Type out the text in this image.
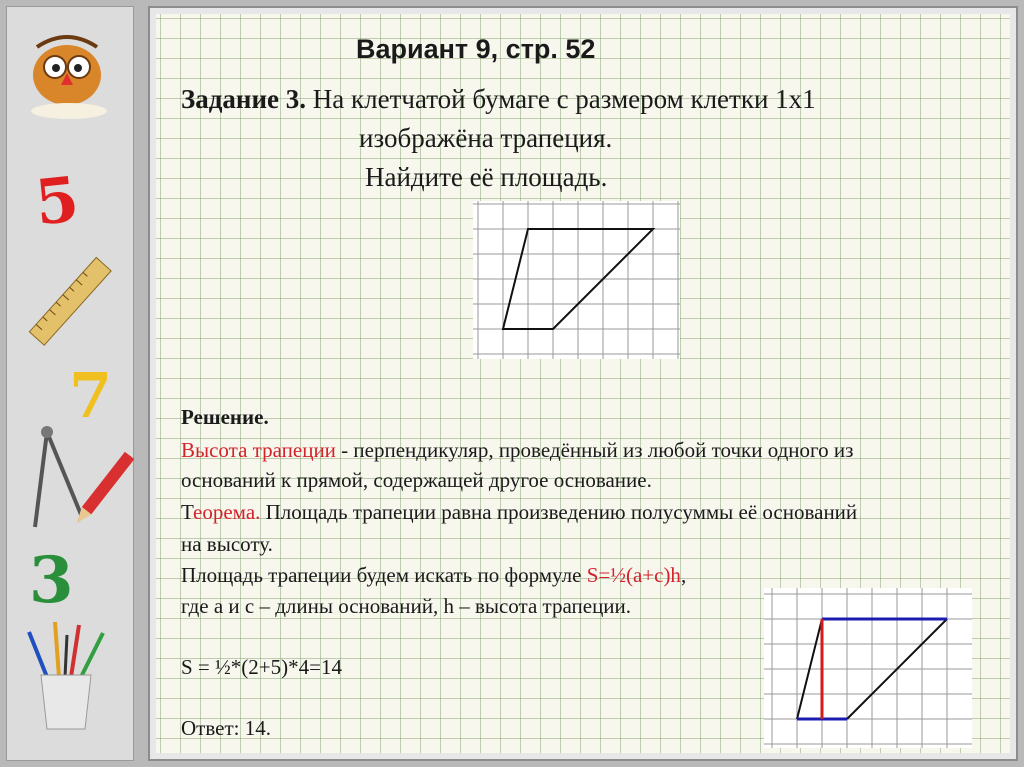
5
7
3
Вариант 9, стр. 52
Задание 3. На клетчатой бумаге с размером клетки 1х1
изображёна трапеция.
Найдите её площадь.
Решение.
Высота трапеции - перпендикуляр, проведённый из любой точки одного из
оснований к прямой, содержащей другое основание.
Теорема. Площадь трапеции равна произведению полусуммы её оснований
на высоту.
Площадь трапеции будем искать по формуле S=½(a+c)h,
где а и с – длины оснований, h – высота трапеции.
S = ½*(2+5)*4=14
Ответ: 14.
